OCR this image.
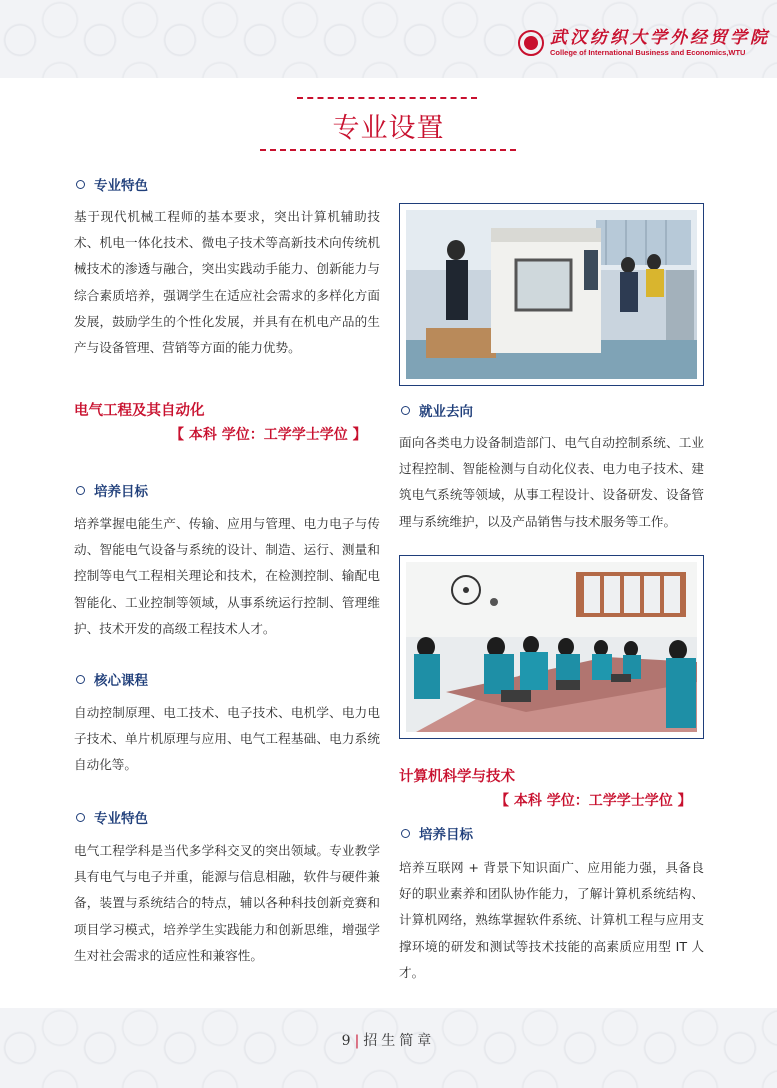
武汉纺织大学外经贸学院
College of International Business and Economics,WTU
专业设置
专业特色
基于现代机械工程师的基本要求，突出计算机辅助技术、机电一体化技术、微电子技术等高新技术向传统机械技术的渗透与融合，突出实践动手能力、创新能力与综合素质培养，强调学生在适应社会需求的多样化方面发展，鼓励学生的个性化发展，并具有在机电产品的生产与设备管理、营销等方面的能力优势。
电气工程及其自动化
【 本科 学位：工学学士学位 】
培养目标
培养掌握电能生产、传输、应用与管理、电力电子与传动、智能电气设备与系统的设计、制造、运行、测量和控制等电气工程相关理论和技术，在检测控制、输配电智能化、工业控制等领域，从事系统运行控制、管理维护、技术开发的高级工程技术人才。
核心课程
自动控制原理、电工技术、电子技术、电机学、电力电子技术、单片机原理与应用、电气工程基础、电力系统自动化等。
专业特色
电气工程学科是当代多学科交叉的突出领域。专业教学具有电气与电子并重，能源与信息相融，软件与硬件兼备，装置与系统结合的特点，辅以各种科技创新竞赛和项目学习模式，培养学生实践能力和创新思维，增强学生对社会需求的适应性和兼容性。
就业去向
面向各类电力设备制造部门、电气自动控制系统、工业过程控制、智能检测与自动化仪表、电力电子技术、建筑电气系统等领域，从事工程设计、设备研发、设备管理与系统维护，以及产品销售与技术服务等工作。
计算机科学与技术
【 本科 学位：工学学士学位 】
培养目标
培养互联网 + 背景下知识面广、应用能力强，具备良好的职业素养和团队协作能力，了解计算机系统结构、计算机网络，熟练掌握软件系统、计算机工程与应用支撑环境的研发和测试等技术技能的高素质应用型 IT 人才。
9 | 招生简章
